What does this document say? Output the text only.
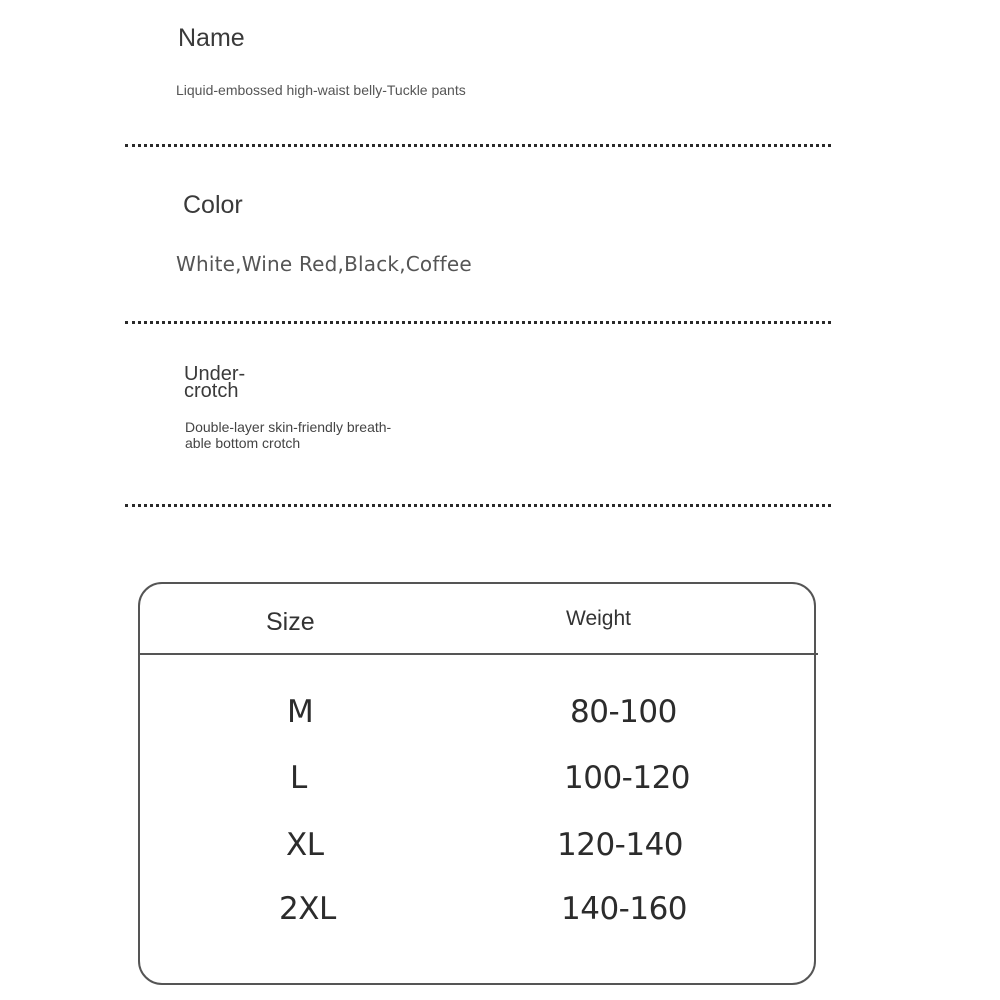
Name
Liquid-embossed high-waist belly-Tuckle pants
Color
White,Wine Red,Black,Coffee
Under-
crotch
Double-layer skin-friendly breath-
able bottom crotch
Size	Weight
M	80-100
L	100-120
XL	120-140
2XL	140-160
